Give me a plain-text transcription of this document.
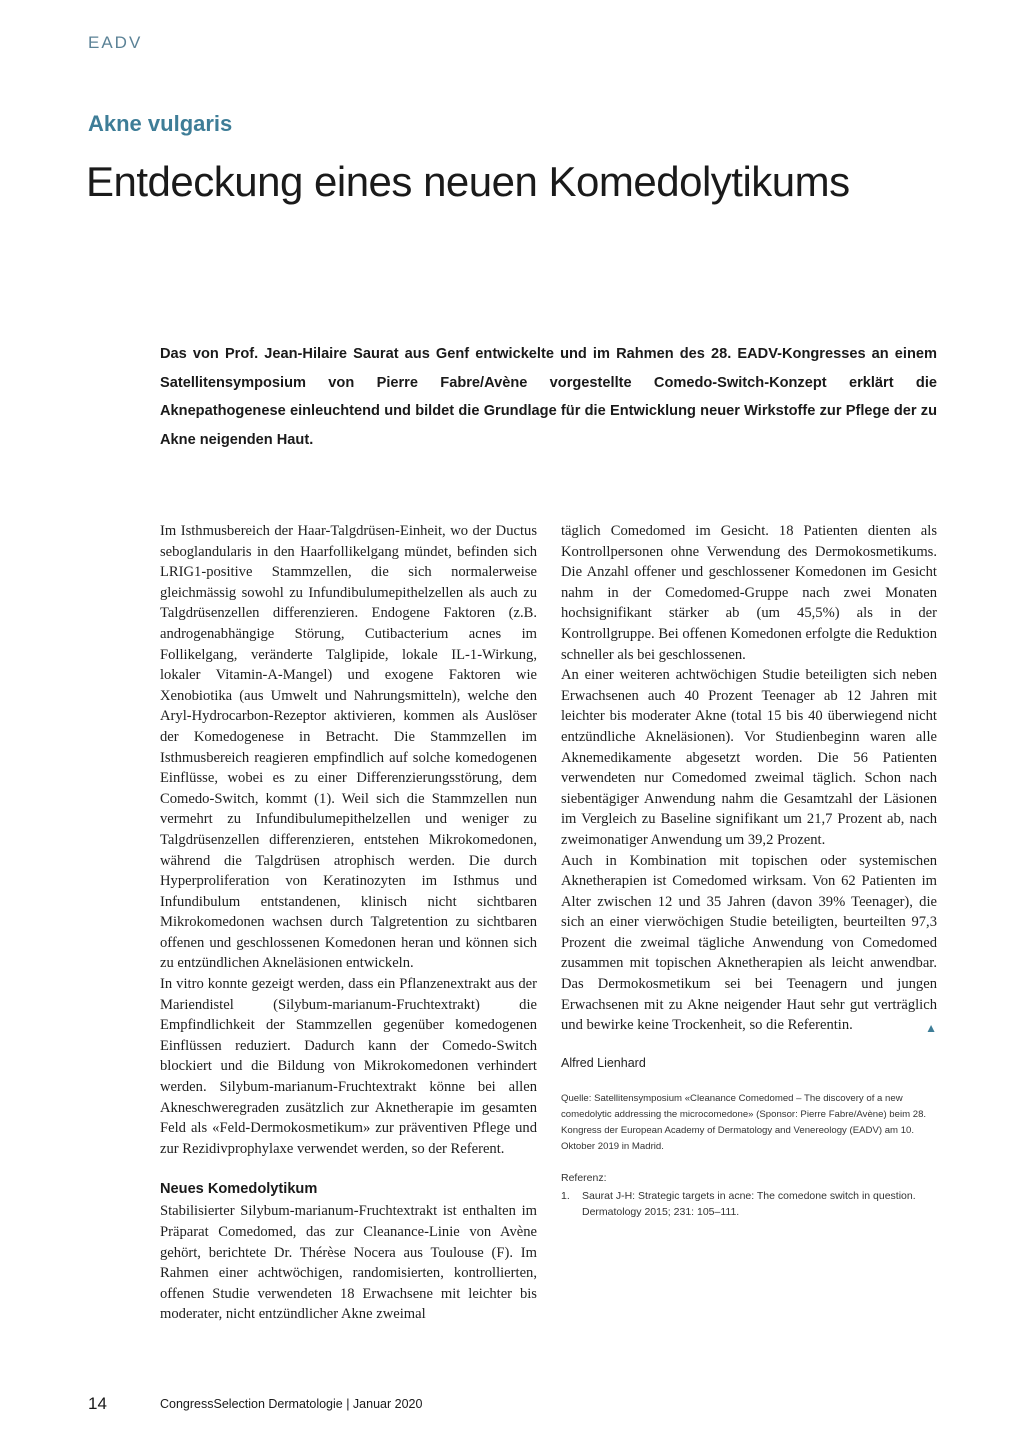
EADV
Akne vulgaris
Entdeckung eines neuen Komedolytikums
Das von Prof. Jean-Hilaire Saurat aus Genf entwickelte und im Rahmen des 28. EADV-Kongresses an einem Satellitensymposium von Pierre Fabre/Avène vorgestellte Comedo-Switch-Konzept erklärt die Aknepathogenese einleuchtend und bildet die Grundlage für die Entwicklung neuer Wirkstoffe zur Pflege der zu Akne neigenden Haut.

Im Isthmusbereich der Haar-Talgdrüsen-Einheit, wo der Ductus seboglandularis in den Haarfollikelgang mündet, befinden sich LRIG1-positive Stammzellen, die sich normalerweise gleichmässig sowohl zu Infundibulumepithelzellen als auch zu Talgdrüsenzellen differenzieren. Endogene Faktoren (z.B. androgenabhängige Störung, Cutibacterium acnes im Follikelgang, veränderte Talglipide, lokale IL-1-Wirkung, lokaler Vitamin-A-Mangel) und exogene Faktoren wie Xenobiotika (aus Umwelt und Nahrungsmitteln), welche den Aryl-Hydrocarbon-Rezeptor aktivieren, kommen als Auslöser der Komedogenese in Betracht. Die Stammzellen im Isthmusbereich reagieren empfindlich auf solche komedogenen Einflüsse, wobei es zu einer Differenzierungsstörung, dem Comedo-Switch, kommt (1). Weil sich die Stammzellen nun vermehrt zu Infundibulumepithelzellen und weniger zu Talgdrüsenzellen differenzieren, entstehen Mikrokomedonen, während die Talgdrüsen atrophisch werden. Die durch Hyperproliferation von Keratinozyten im Isthmus und Infundibulum entstandenen, klinisch nicht sichtbaren Mikrokomedonen wachsen durch Talgretention zu sichtbaren offenen und geschlossenen Komedonen heran und können sich zu entzündlichen Akneläsionen entwickeln.

In vitro konnte gezeigt werden, dass ein Pflanzenextrakt aus der Mariendistel (Silybum-marianum-Fruchtextrakt) die Empfindlichkeit der Stammzellen gegenüber komedogenen Einflüssen reduziert. Dadurch kann der Comedo-Switch blockiert und die Bildung von Mikrokomedonen verhindert werden. Silybum-marianum-Fruchtextrakt könne bei allen Akneschweregraden zusätzlich zur Aknetherapie im gesamten Feld als «Feld-Dermokosmetikum» zur präventiven Pflege und zur Rezidivprophylaxe verwendet werden, so der Referent.

Neues Komedolytikum

Stabilisierter Silybum-marianum-Fruchtextrakt ist enthalten im Präparat Comedomed, das zur Cleanance-Linie von Avène gehört, berichtete Dr. Thérèse Nocera aus Toulouse (F). Im Rahmen einer achtwöchigen, randomisierten, kontrollierten, offenen Studie verwendeten 18 Erwachsene mit leichter bis moderater, nicht entzündlicher Akne zweimal

täglich Comedomed im Gesicht. 18 Patienten dienten als Kontrollpersonen ohne Verwendung des Dermokosmetikums. Die Anzahl offener und geschlossener Komedonen im Gesicht nahm in der Comedomed-Gruppe nach zwei Monaten hochsignifikant stärker ab (um 45,5%) als in der Kontrollgruppe. Bei offenen Komedonen erfolgte die Reduktion schneller als bei geschlossenen.

An einer weiteren achtwöchigen Studie beteiligten sich neben Erwachsenen auch 40 Prozent Teenager ab 12 Jahren mit leichter bis moderater Akne (total 15 bis 40 überwiegend nicht entzündliche Akneläsionen). Vor Studienbeginn waren alle Aknemedikamente abgesetzt worden. Die 56 Patienten verwendeten nur Comedomed zweimal täglich. Schon nach siebentägiger Anwendung nahm die Gesamtzahl der Läsionen im Vergleich zu Baseline signifikant um 21,7 Prozent ab, nach zweimonatiger Anwendung um 39,2 Prozent.

Auch in Kombination mit topischen oder systemischen Aknetherapien ist Comedomed wirksam. Von 62 Patienten im Alter zwischen 12 und 35 Jahren (davon 39% Teenager), die sich an einer vierwöchigen Studie beteiligten, beurteilten 97,3 Prozent die zweimal tägliche Anwendung von Comedomed zusammen mit topischen Aknetherapien als leicht anwendbar. Das Dermokosmetikum sei bei Teenagern und jungen Erwachsenen mit zu Akne neigender Haut sehr gut verträglich und bewirke keine Trockenheit, so die Referentin.	▲

Alfred Lienhard
Quelle: Satellitensymposium «Cleanance Comedomed – The discovery of a new comedolytic addressing the microcomedone» (Sponsor: Pierre Fabre/Avène) beim 28. Kongress der European Academy of Dermatology and Venereology (EADV) am 10. Oktober 2019 in Madrid.
Referenz:
1. Saurat J-H: Strategic targets in acne: The comedone switch in question. Dermatology 2015; 231: 105–111.
14	CongressSelection Dermatologie | Januar 2020
